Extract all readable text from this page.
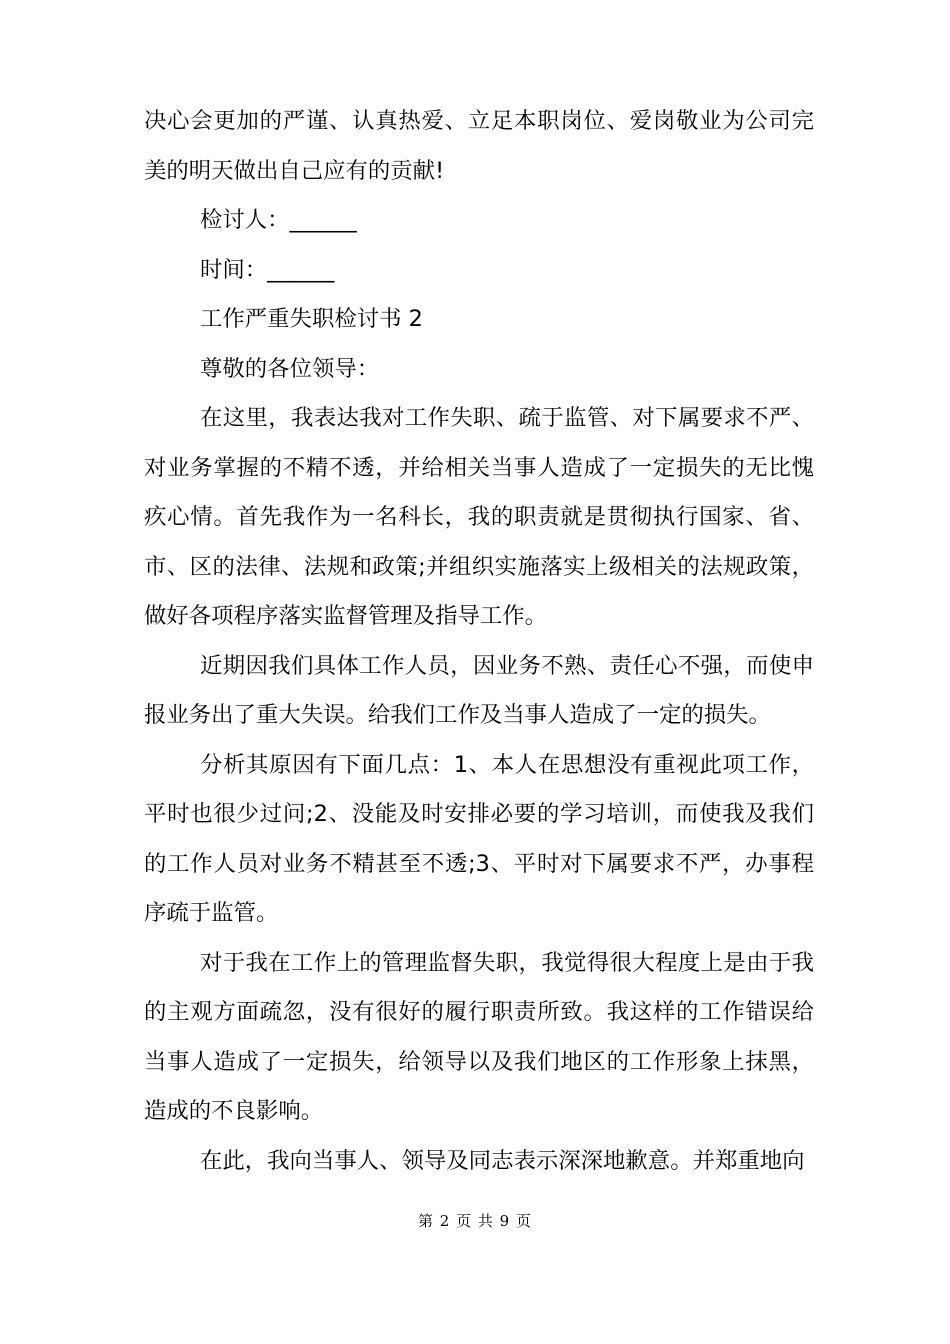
决心会更加的严谨、认真热爱、立足本职岗位、爱岗敬业为公司完美的明天做出自己应有的贡献!

检讨人：______

时间：______

工作严重失职检讨书 2

尊敬的各位领导：

在这里，我表达我对工作失职、疏于监管、对下属要求不严、对业务掌握的不精不透，并给相关当事人造成了一定损失的无比愧疚心情。首先我作为一名科长，我的职责就是贯彻执行国家、省、市、区的法律、法规和政策;并组织实施落实上级相关的法规政策，做好各项程序落实监督管理及指导工作。

近期因我们具体工作人员，因业务不熟、责任心不强，而使申报业务出了重大失误。给我们工作及当事人造成了一定的损失。

分析其原因有下面几点：1、本人在思想没有重视此项工作，平时也很少过问;2、没能及时安排必要的学习培训，而使我及我们的工作人员对业务不精甚至不透;3、平时对下属要求不严，办事程序疏于监管。

对于我在工作上的管理监督失职，我觉得很大程度上是由于我的主观方面疏忽，没有很好的履行职责所致。我这样的工作错误给当事人造成了一定损失，给领导以及我们地区的工作形象上抹黑，造成的不良影响。

在此，我向当事人、领导及同志表示深深地歉意。并郑重地向

第 2 页 共 9 页
